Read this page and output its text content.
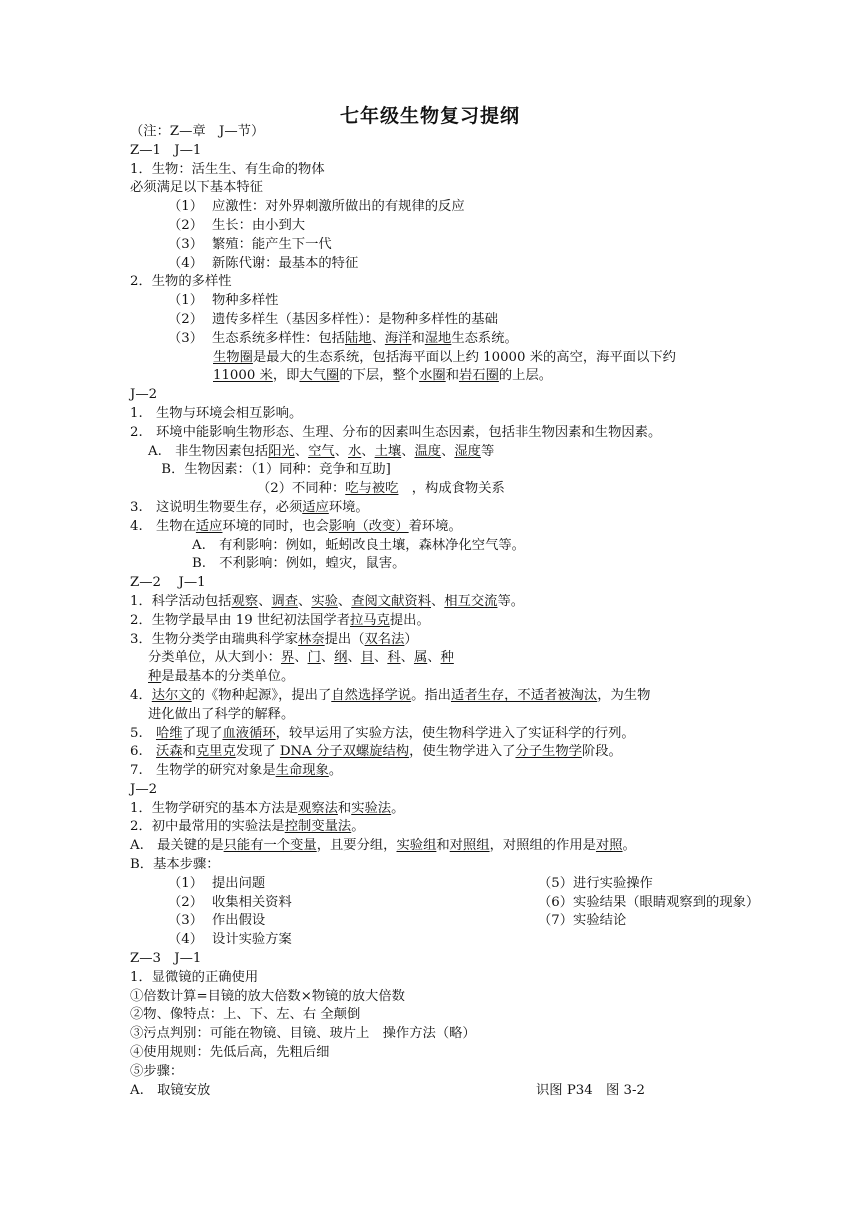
七年级生物复习提纲
（注：Z—章　J—节）
Z—1　J—1
1．生物：活生生、有生命的物体
必须满足以下基本特征
（1） 应激性：对外界刺激所做出的有规律的反应
（2） 生长：由小到大
（3） 繁殖：能产生下一代
（4） 新陈代谢：最基本的特征
2．生物的多样性
（1） 物种多样性
（2） 遗传多样生（基因多样性）：是物种多样性的基础
（3） 生态系统多样性：包括陆地、海洋和湿地生态系统。
生物圈是最大的生态系统，包括海平面以上约 10000 米的高空，海平面以下约
11000 米，即大气圈的下层，整个水圈和岩石圈的上层。
J—2
1.　生物与环境会相互影响。
2.　环境中能影响生物形态、生理、分布的因素叫生态因素，包括非生物因素和生物因素。
A.　非生物因素包括阳光、空气、水、土壤、温度、湿度等
　B．生物因素：（1）同种：竞争和互助]
（2）不同种：吃与被吃　，构成食物关系
3.　这说明生物要生存，必须适应环境。
4.　生物在适应环境的同时，也会影响（改变）着环境。
A.　有利影响：例如，蚯蚓改良土壤，森林净化空气等。
B.　不利影响：例如，蝗灾，鼠害。
Z—2　 J—1
1．科学活动包括观察、调查、实验、查阅文献资料、相互交流等。
2．生物学最早由 19 世纪初法国学者拉马克提出。
3．生物分类学由瑞典科学家林奈提出（双名法）
分类单位，从大到小：界、门、纲、目、科、属、种
种是最基本的分类单位。
4．达尔文的《物种起源》，提出了自然选择学说。指出适者生存，不适者被淘汰，为生物
进化做出了科学的解释。
5.　哈维了现了血液循环，较早运用了实验方法，使生物科学进入了实证科学的行列。
6.　沃森和克里克发现了 DNA 分子双螺旋结构，使生物学进入了分子生物学阶段。
7.　生物学的研究对象是生命现象。
J—2
1．生物学研究的基本方法是观察法和实验法。
2．初中最常用的实验法是控制变量法。
A.　最关键的是只能有一个变量，且要分组，实验组和对照组，对照组的作用是对照。
B．基本步骤：
（1） 提出问题	（5）进行实验操作
（2） 收集相关资料	（6）实验结果（眼睛观察到的现象）
（3） 作出假设	（7）实验结论
（4） 设计实验方案
Z—3　J—1
1．显微镜的正确使用
①倍数计算=目镜的放大倍数×物镜的放大倍数
②物、像特点：上、下、左、右 全颠倒
③污点判别：可能在物镜、目镜、玻片上　操作方法（略）
④使用规则：先低后高，先粗后细
⑤步骤：
A.　取镜安放	识图 P34　图 3-2
